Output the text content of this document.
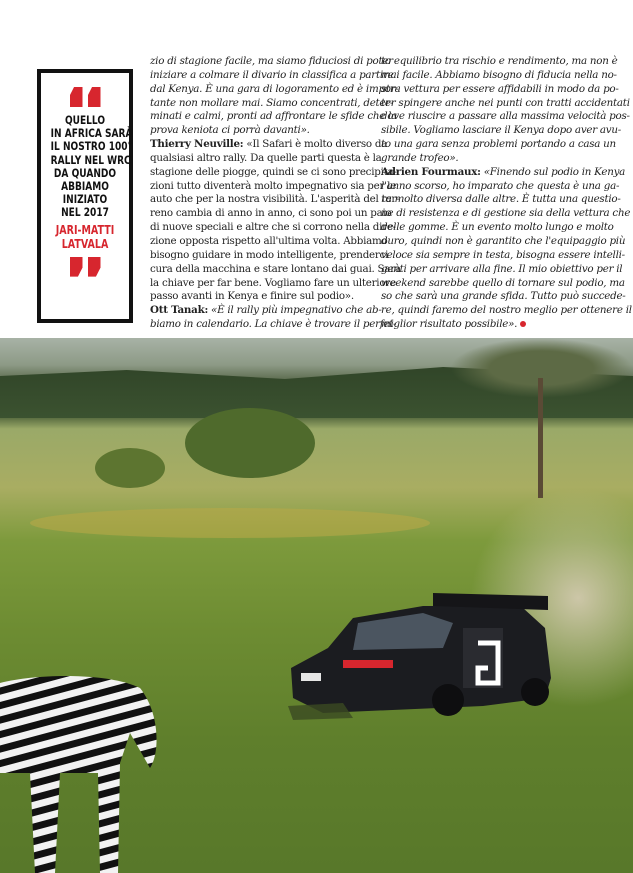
QUELLO
IN AFRICA SARÀ
IL NOSTRO 100°
RALLY NEL WRC
DA QUANDO
ABBIAMO
INIZIATO
NEL 2017
JARI-MATTI
LATVALA
zio di stagione facile, ma siamo fiduciosi di poter
iniziare a colmare il divario in classifica a partire
dal Kenya. È una gara di logoramento ed è impor-
tante non mollare mai. Siamo concentrati, deter-
minati e calmi, pronti ad affrontare le sfide che la
prova keniota ci porrà davanti».
Thierry Neuville: «Il Safari è molto diverso da
qualsiasi altro rally. Da quelle parti questa è la
stagione delle piogge, quindi se ci sono precipita-
zioni tutto diventerà molto impegnativo sia per le
auto che per la nostra visibilità. L'asperità del ter-
reno cambia di anno in anno, ci sono poi un paio
di nuove speciali e altre che si corrono nella dire-
zione opposta rispetto all'ultima volta. Abbiamo
bisogno guidare in modo intelligente, prenderci
cura della macchina e stare lontano dai guai. Sarà
la chiave per far bene. Vogliamo fare un ulteriore
passo avanti in Kenya e finire sul podio».
Ott Tanak: «È il rally più impegnativo che ab-
biamo in calendario. La chiave è trovare il perfet-
to equilibrio tra rischio e rendimento, ma non è
mai facile. Abbiamo bisogno di fiducia nella no-
stra vettura per essere affidabili in modo da po-
ter spingere anche nei punti con tratti accidentati
dove riuscire a passare alla massima velocità pos-
sibile. Vogliamo lasciare il Kenya dopo aver avu-
to una gara senza problemi portando a casa un
grande trofeo».
Adrien Fourmaux: «Finendo sul podio in Kenya
l'anno scorso, ho imparato che questa è una ga-
ra molto diversa dalle altre. È tutta una questio-
ne di resistenza e di gestione sia della vettura che
delle gomme. È un evento molto lungo e molto
duro, quindi non è garantito che l'equipaggio più
veloce sia sempre in testa, bisogna essere intelli-
genti per arrivare alla fine. Il mio obiettivo per il
weekend sarebbe quello di tornare sul podio, ma
so che sarà una grande sfida. Tutto può succede-
re, quindi faremo del nostro meglio per ottenere il
miglior risultato possibile».
